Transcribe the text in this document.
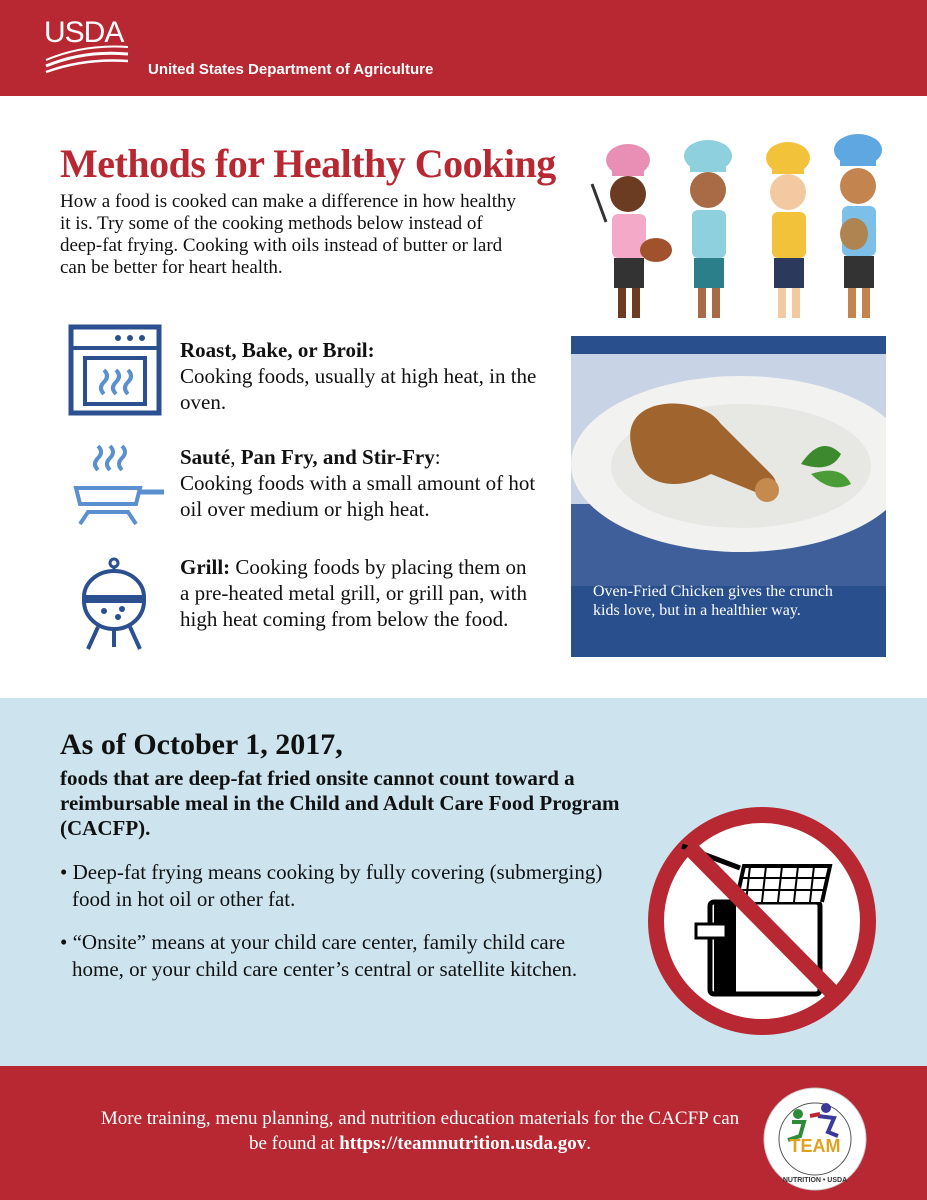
USDA
United States Department of Agriculture
Methods for Healthy Cooking

How a food is cooked can make a difference in how healthy it is. Try some of the cooking methods below instead of deep-fat frying. Cooking with oils instead of butter or lard can be better for heart health.

Roast, Bake, or Broil:
Cooking foods, usually at high heat, in the oven.
Sauté, Pan Fry, and Stir-Fry:
Cooking foods with a small amount of hot oil over medium or high heat.
Grill: Cooking foods by placing them on a pre-heated metal grill, or grill pan, with high heat coming from below the food.
Oven-Fried Chicken gives the crunch kids love, but in a healthier way.
As of October 1, 2017,

foods that are deep-fat fried onsite cannot count toward a reimbursable meal in the Child and Adult Care Food Program (CACFP).

• Deep-fat frying means cooking by fully covering (submerging) food in hot oil or other fat.

• “Onsite” means at your child care center, family child care home, or your child care center’s central or satellite kitchen.

More training, menu planning, and nutrition education materials for the CACFP can be found at https://teamnutrition.usda.gov.	TEAM
NUTRITION • USDA
